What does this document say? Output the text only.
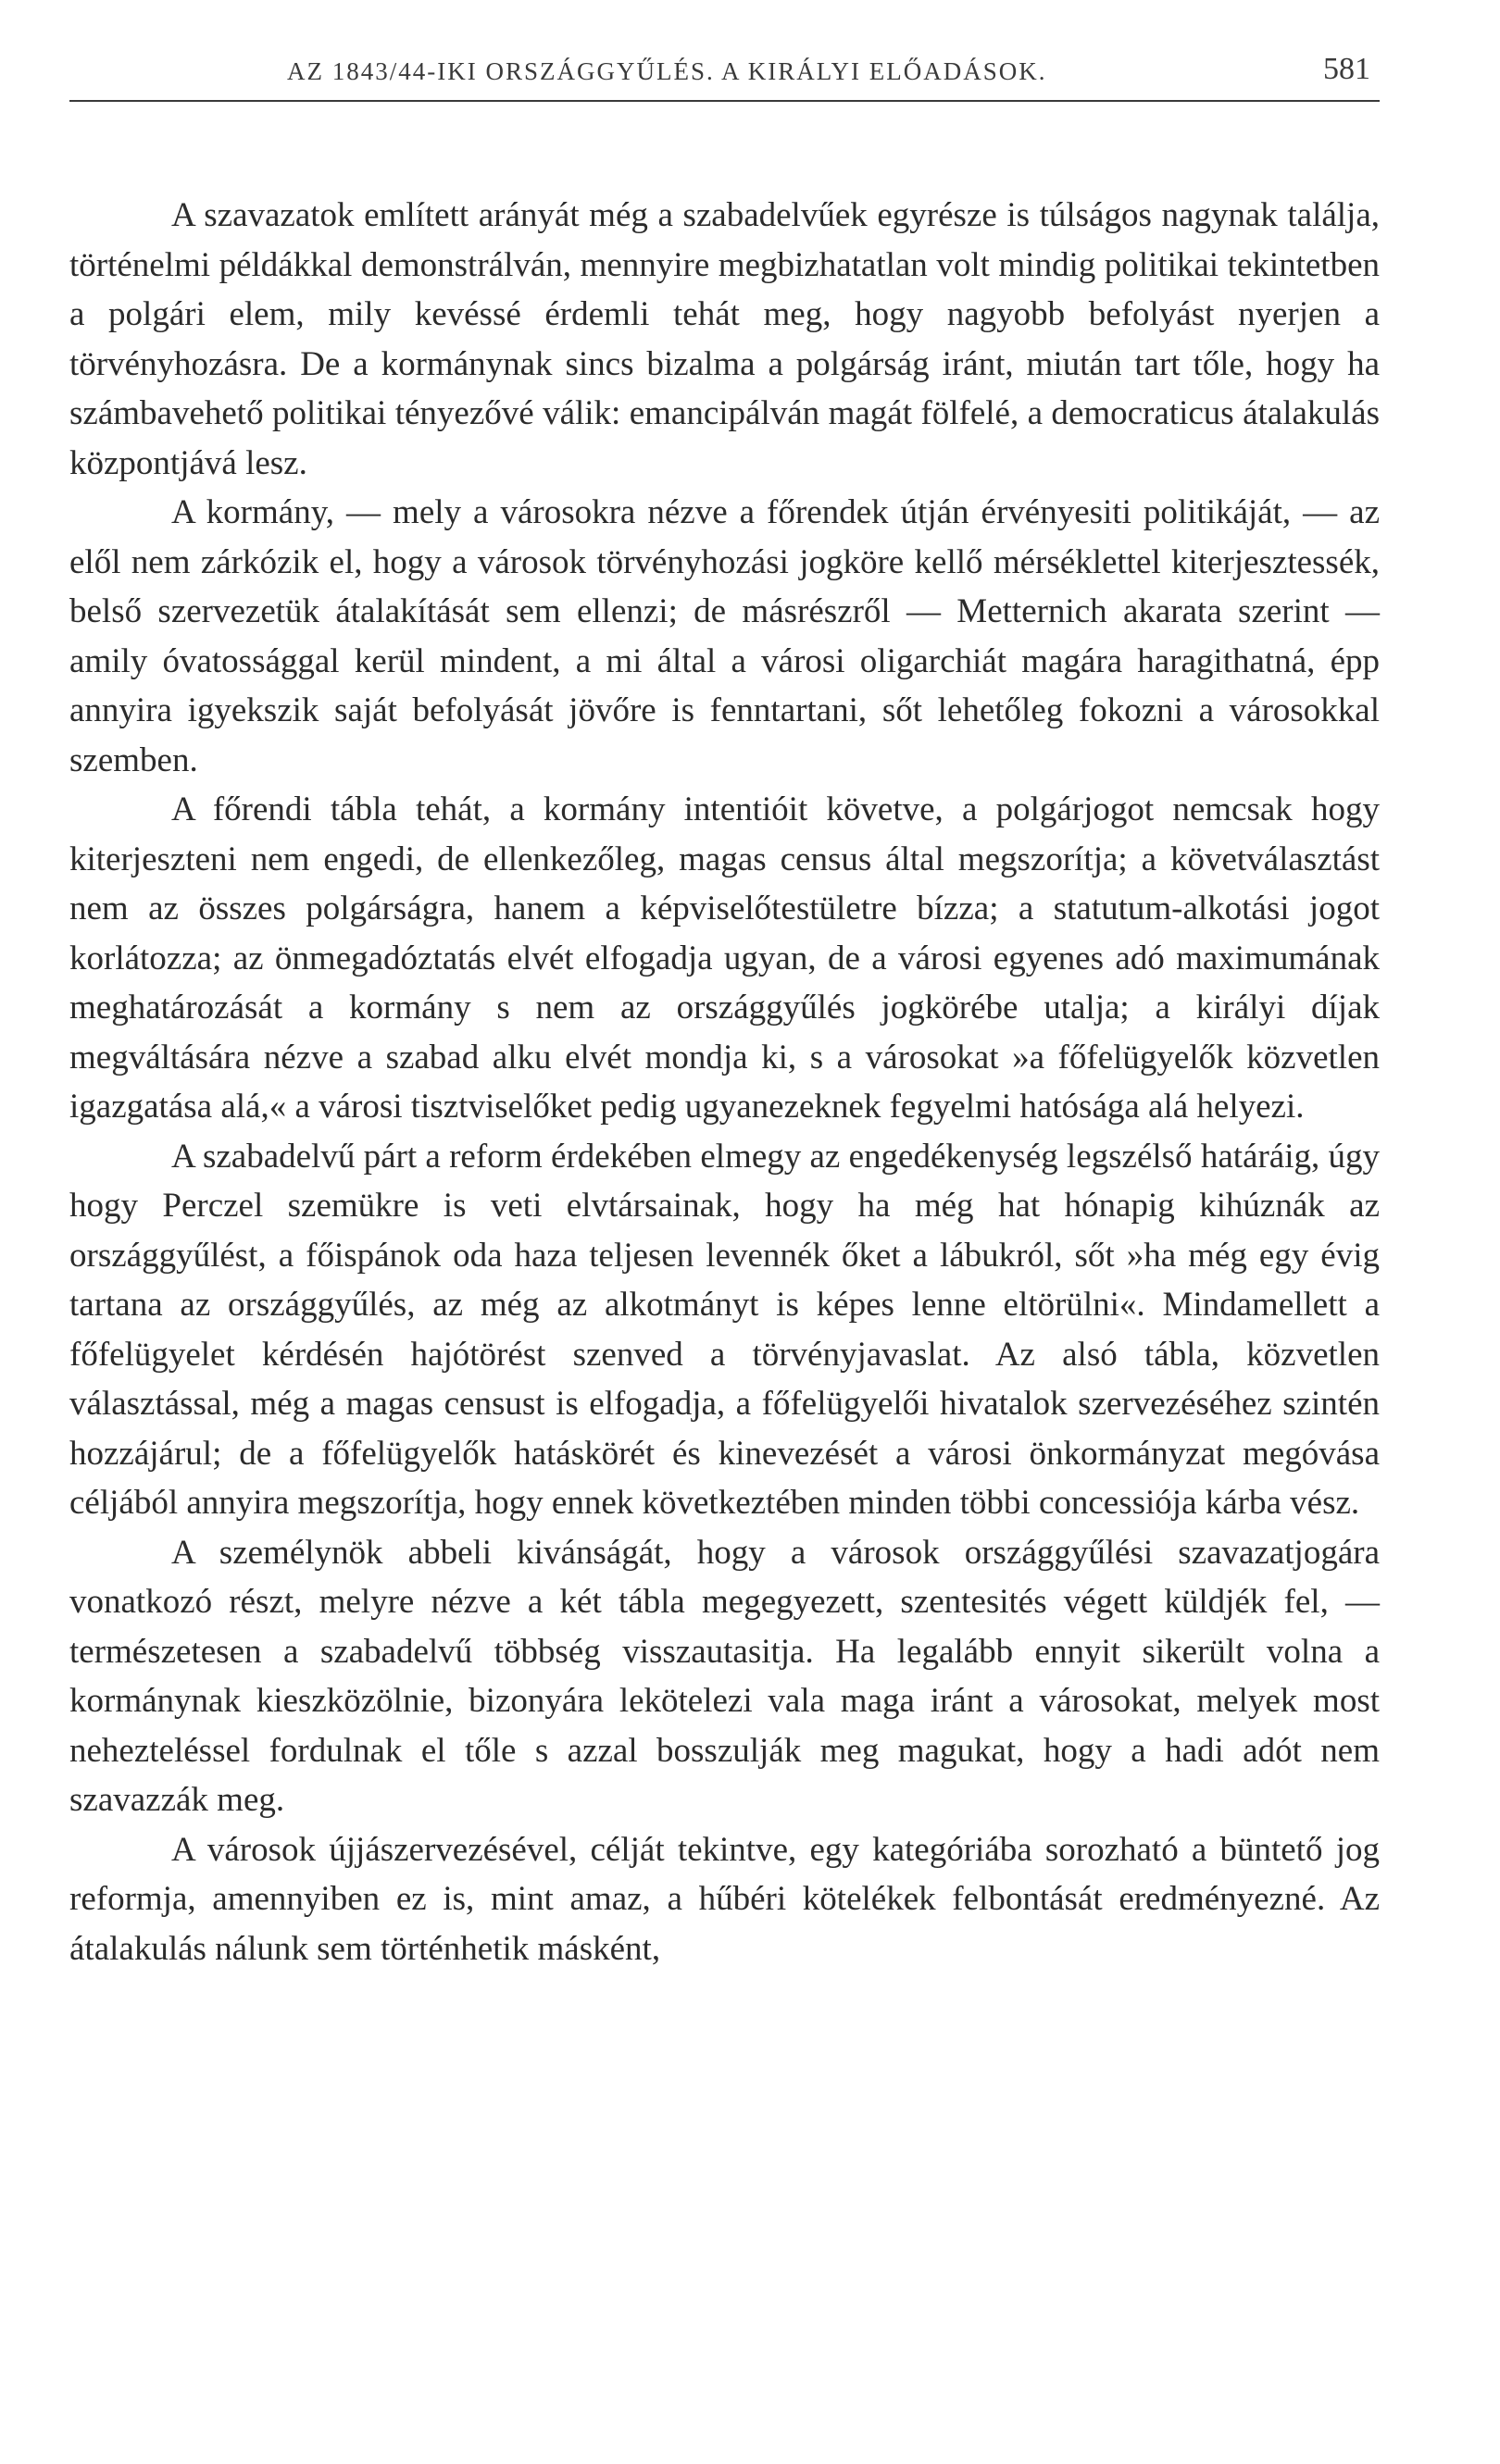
AZ 1843/44-IKI ORSZÁGGYŰLÉS. A KIRÁLYI ELŐADÁSOK.	581

A szavazatok említett arányát még a szabadelvűek egyrésze is túlságos nagynak találja, történelmi példákkal demonstrálván, mennyire megbizhatatlan volt mindig politikai tekintetben a polgári elem, mily kevéssé érdemli tehát meg, hogy nagyobb befolyást nyerjen a törvényhozásra. De a kormánynak sincs bizalma a polgárság iránt, miután tart tőle, hogy ha számbavehető politikai tényezővé válik: emancipálván magát fölfelé, a democraticus átalakulás központjává lesz.

A kormány, — mely a városokra nézve a főrendek útján érvényesiti politikáját, — az elől nem zárkózik el, hogy a városok törvényhozási jogköre kellő mérséklettel kiterjesztessék, belső szervezetük átalakítását sem ellenzi; de másrészről — Metternich akarata szerint — amily óvatossággal kerül mindent, a mi által a városi oligarchiát magára haragithatná, épp annyira igyekszik saját befolyását jövőre is fenntartani, sőt lehetőleg fokozni a városokkal szemben.

A főrendi tábla tehát, a kormány intentióit követve, a polgárjogot nemcsak hogy kiterjeszteni nem engedi, de ellenkezőleg, magas census által megszorítja; a követválasztást nem az összes polgárságra, hanem a képviselőtestületre bízza; a statutum-alkotási jogot korlátozza; az önmegadóztatás elvét elfogadja ugyan, de a városi egyenes adó maximumának meghatározását a kormány s nem az országgyűlés jogkörébe utalja; a királyi díjak megváltására nézve a szabad alku elvét mondja ki, s a városokat »a főfelügyelők közvetlen igazgatása alá,« a városi tisztviselőket pedig ugyanezeknek fegyelmi hatósága alá helyezi.

A szabadelvű párt a reform érdekében elmegy az engedékenység legszélső határáig, úgy hogy Perczel szemükre is veti elvtársainak, hogy ha még hat hónapig kihúznák az országgyűlést, a főispánok oda haza teljesen levennék őket a lábukról, sőt »ha még egy évig tartana az országgyűlés, az még az alkotmányt is képes lenne eltörülni«. Mindamellett a főfelügyelet kérdésén hajótörést szenved a törvényjavaslat. Az alsó tábla, közvetlen választással, még a magas censust is elfogadja, a főfelügyelői hivatalok szervezéséhez szintén hozzájárul; de a főfelügyelők hatáskörét és kinevezését a városi önkormányzat megóvása céljából annyira megszorítja, hogy ennek következtében minden többi concessiója kárba vész.

A személynök abbeli kivánságát, hogy a városok országgyűlési szavazatjogára vonatkozó részt, melyre nézve a két tábla megegyezett, szentesités végett küldjék fel, — természetesen a szabadelvű többség visszautasitja. Ha legalább ennyit sikerült volna a kormánynak kieszközölnie, bizonyára lekötelezi vala maga iránt a városokat, melyek most nehezteléssel fordulnak el tőle s azzal bosszulják meg magukat, hogy a hadi adót nem szavazzák meg.

A városok újjászervezésével, célját tekintve, egy kategóriába sorozható a büntető jog reformja, amennyiben ez is, mint amaz, a hűbéri kötelékek felbontását eredményezné. Az átalakulás nálunk sem történhetik másként,
